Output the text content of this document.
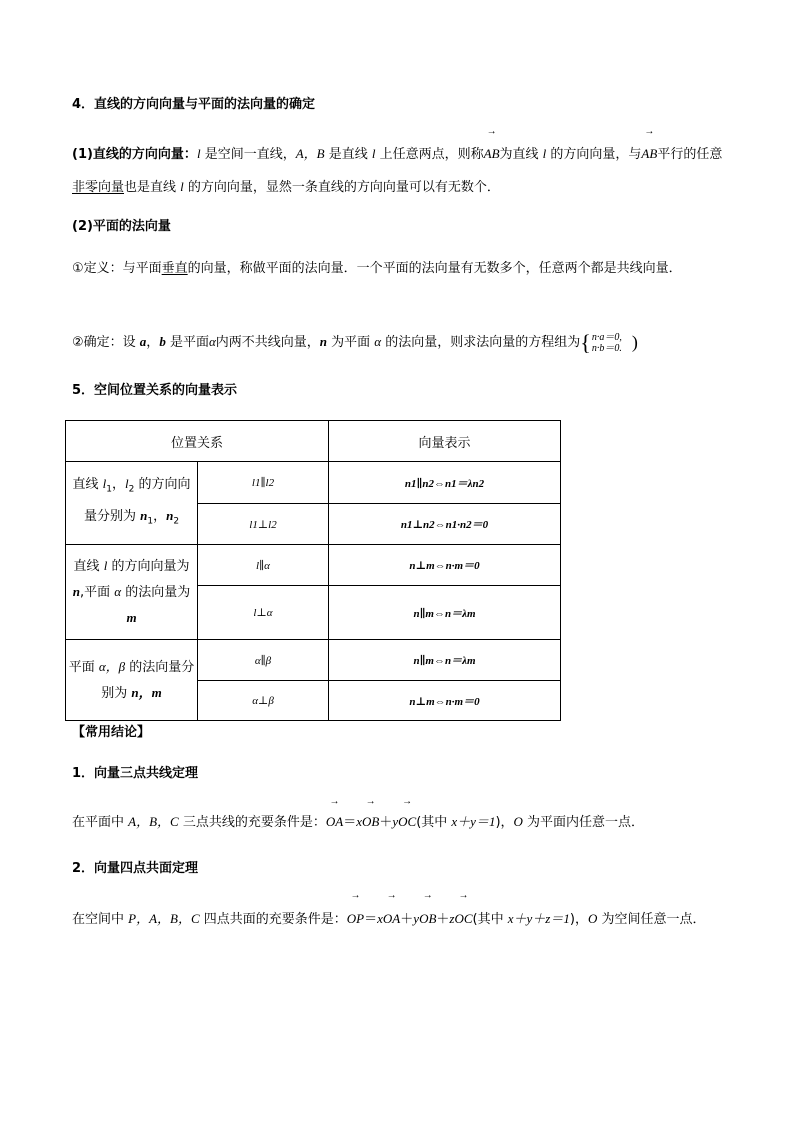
4．直线的方向向量与平面的法向量的确定
(1)直线的方向向量：l 是空间一直线，A，B 是直线 l 上任意两点，则称→ AB为直线 l 的方向向量，与→ AB平行的任意非零向量也是直线 l 的方向向量，显然一条直线的方向向量可以有无数个．
(2)平面的法向量
①定义：与平面垂直的向量，称做平面的法向量．一个平面的法向量有无数多个，任意两个都是共线向量．
②确定：设 a，b 是平面α内两不共线向量，n 为平面 α 的法向量，则求法向量的方程组为 { n·a＝0,
n·b＝0. )
5．空间位置关系的向量表示
位置关系		向量表示
直线 $l_1$，$l_2$ 的方向向量分别为 $n_1$，$n_2$	l1∥l2	n1∥n2⇔n1＝λn2
	l1⊥l2	n1⊥n2⇔n1·n2＝0
直线 l 的方向向量为 n,平面 α 的法向量为 m	l∥α	n⊥m⇔n·m＝0
	l⊥α	n∥m⇔n＝λm
平面 α，β 的法向量分别为 n，m	α∥β	n∥m⇔n＝λm
	α⊥β	n⊥m⇔n·m＝0
【常用结论】
1．向量三点共线定理
在平面中 A，B，C 三点共线的充要条件是：→ OA＝x→ OB＋y→ OC(其中 x＋y＝1)，O 为平面内任意一点．
2．向量四点共面定理
在空间中 P，A，B，C 四点共面的充要条件是：→ OP＝x→ OA＋y→ OB＋z→ OC(其中 x＋y＋z＝1)，O 为空间任意一点．
